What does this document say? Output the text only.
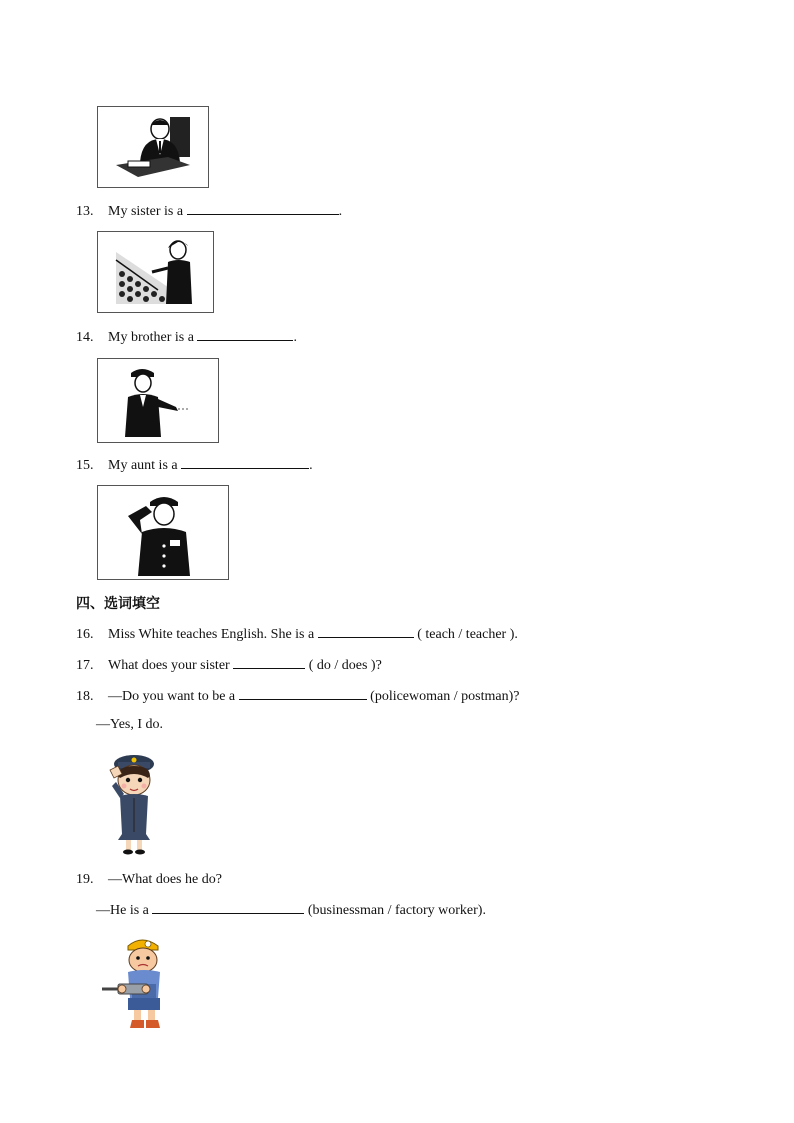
13. My sister is a	.
14. My brother is a	.
15. My aunt is a	.
四、选词填空
16. Miss White teaches English. She is a	( teach / teacher ).
17. What does your sister	( do / does )?
18. —Do you want to be a	(policewoman / postman)?
—Yes, I do.
19. —What does he do?
—He is a	(businessman / factory worker).
